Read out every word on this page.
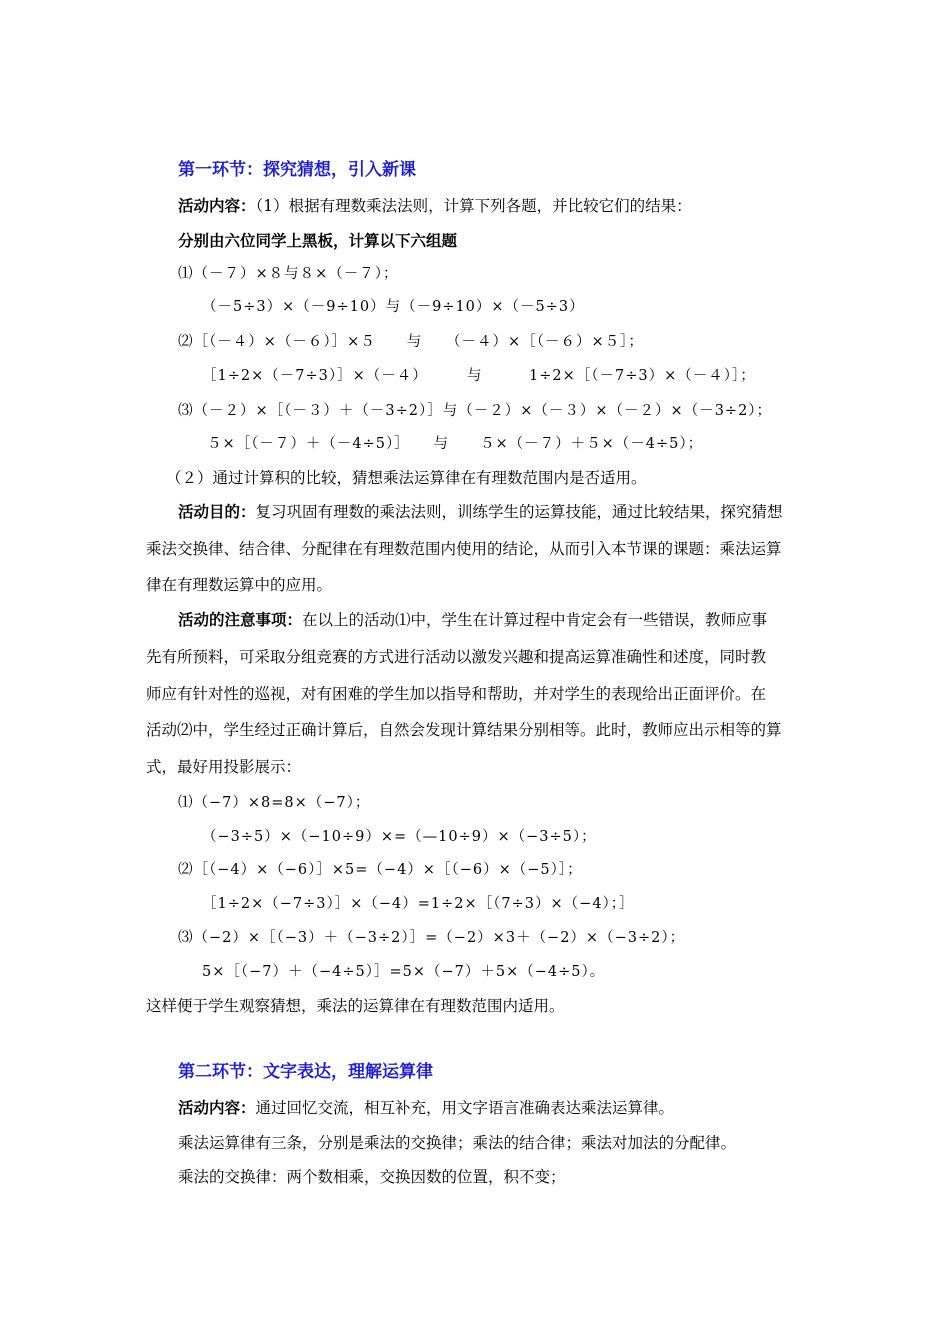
第一环节：探究猜想，引入新课
活动内容：（1）根据有理数乘法法则，计算下列各题，并比较它们的结果：
分别由六位同学上黑板，计算以下六组题
⑴（－７）×８与８×（－７）；
（－5÷3）×（－9÷10）与（－9÷10）×（－5÷3）
⑵［（－４）×（－６）］×５　　与　　（－４）×［（－６）×５］；
［1÷2×（－7÷3）］×（－４）　　　与　　　1÷2×［（－7÷3）×（－４）］；
⑶（－２）×［（－３）＋（－3÷2）］与（－２）×（－３）×（－２）×（－3÷2）；
５×［（－７）＋（－4÷5）］　　与　　５×（－７）＋５×（－4÷5）；
（２）通过计算积的比较，猜想乘法运算律在有理数范围内是否适用。
活动目的：复习巩固有理数的乘法法则，训练学生的运算技能，通过比较结果，探究猜想
乘法交换律、结合律、分配律在有理数范围内使用的结论，从而引入本节课的课题：乘法运算
律在有理数运算中的应用。
活动的注意事项：在以上的活动⑴中，学生在计算过程中肯定会有一些错误，教师应事
先有所预料，可采取分组竞赛的方式进行活动以激发兴趣和提高运算准确性和述度，同时教
师应有针对性的巡视，对有困难的学生加以指导和帮助，并对学生的表现给出正面评价。在
活动⑵中，学生经过正确计算后，自然会发现计算结果分别相等。此时，教师应出示相等的算
式，最好用投影展示：
⑴（−7）×8=8×（−7）；
（−3÷5）×（−10÷9）×=（—10÷9）×（−3÷5）；
⑵［（−4）×（−6）］×5=（−4）×［（−6）×（−5）］；
［1÷2×（−7÷3）］×（−4）=1÷2×［（7÷3）×（−4）；］
⑶（−2）×［（−3）＋（−3÷2）］=（−2）×3＋（−2）×（−3÷2）；
5×［（−7）＋（−4÷5）］=5×（−7）＋5×（−4÷5）。
这样便于学生观察猜想，乘法的运算律在有理数范围内适用。
第二环节：文字表达，理解运算律
活动内容：通过回忆交流，相互补充，用文字语言准确表达乘法运算律。
乘法运算律有三条，分别是乘法的交换律；乘法的结合律；乘法对加法的分配律。
乘法的交换律：两个数相乘，交换因数的位置，积不变；
